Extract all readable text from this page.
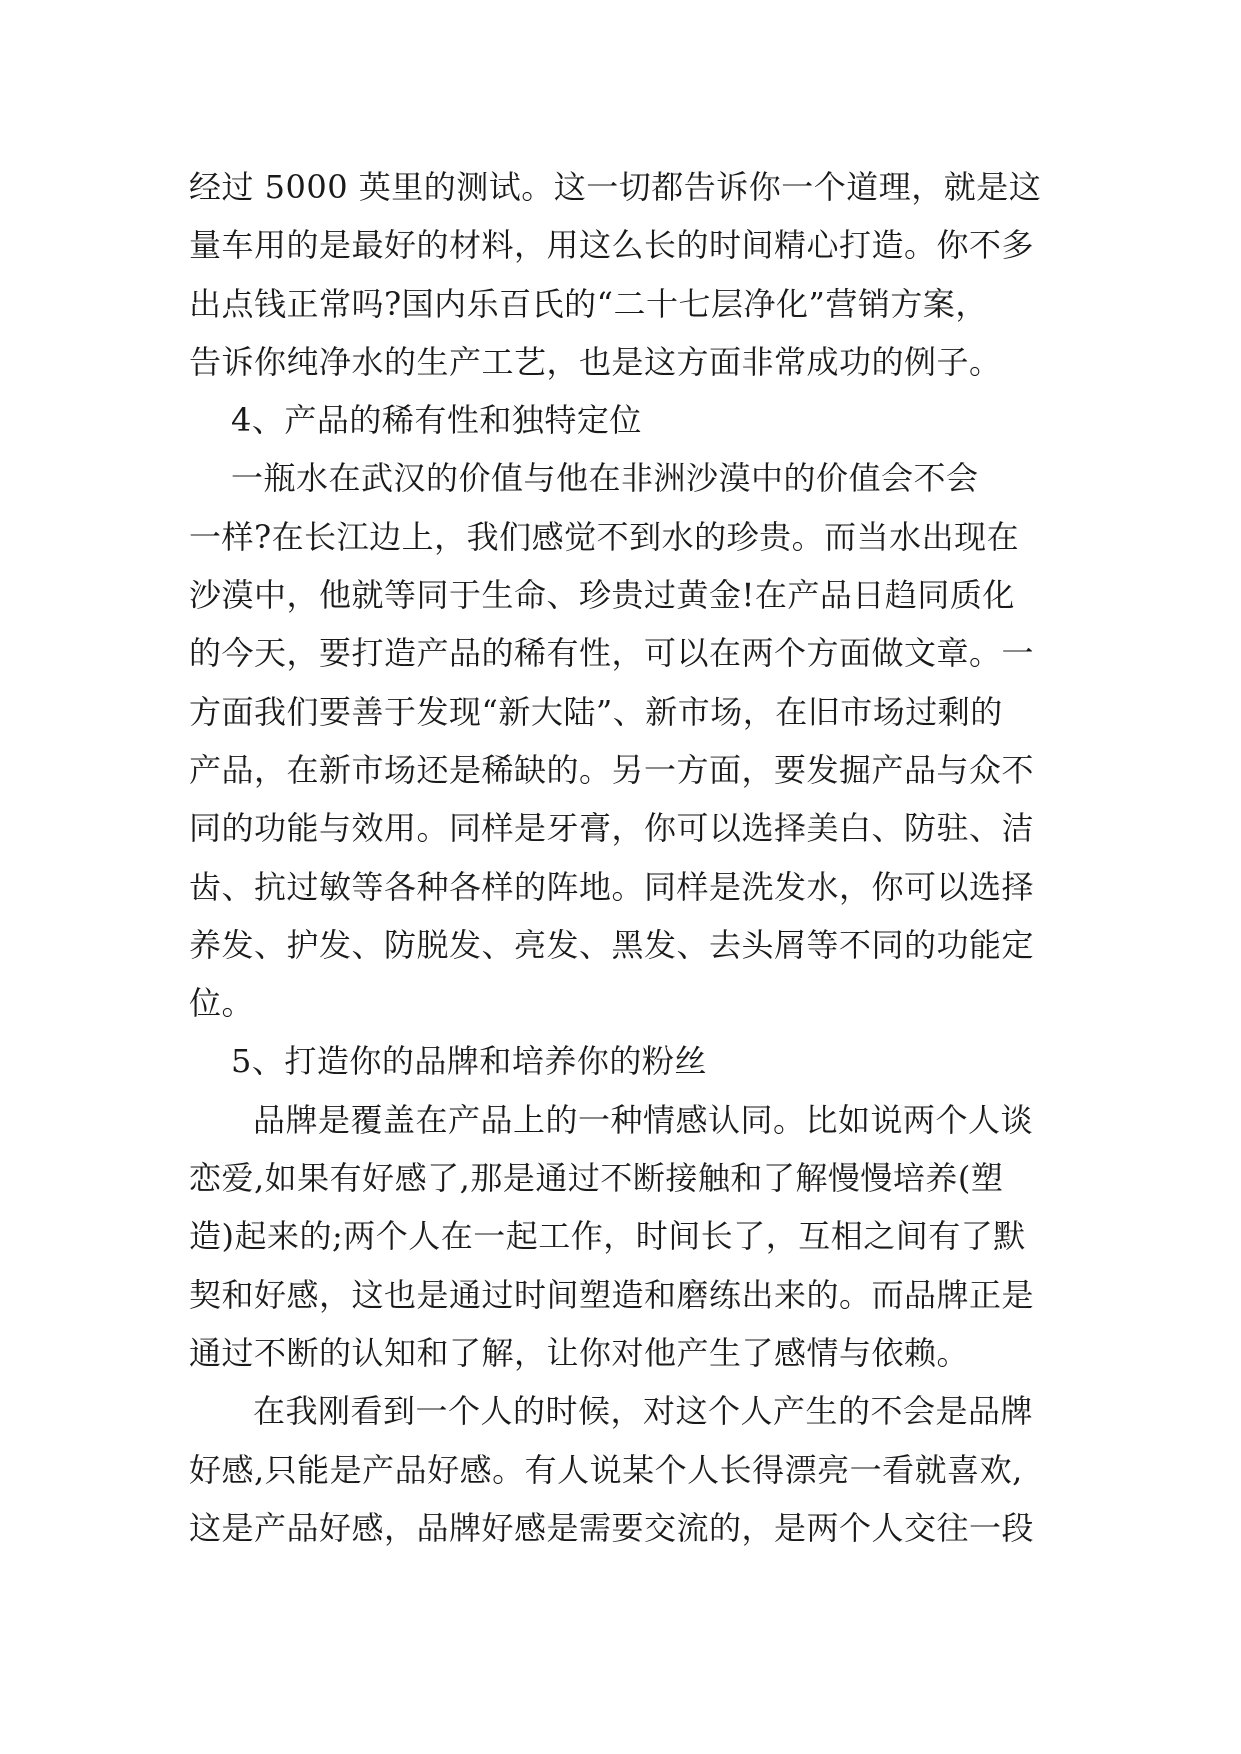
经过 5000 英里的测试。这一切都告诉你一个道理，就是这
量车用的是最好的材料，用这么长的时间精心打造。你不多
出点钱正常吗?国内乐百氏的“二十七层净化”营销方案，
告诉你纯净水的生产工艺，也是这方面非常成功的例子。
4、产品的稀有性和独特定位
一瓶水在武汉的价值与他在非洲沙漠中的价值会不会
一样?在长江边上，我们感觉不到水的珍贵。而当水出现在
沙漠中，他就等同于生命、珍贵过黄金!在产品日趋同质化
的今天，要打造产品的稀有性，可以在两个方面做文章。一
方面我们要善于发现“新大陆”、新市场，在旧市场过剩的
产品，在新市场还是稀缺的。另一方面，要发掘产品与众不
同的功能与效用。同样是牙膏，你可以选择美白、防驻、洁
齿、抗过敏等各种各样的阵地。同样是洗发水，你可以选择
养发、护发、防脱发、亮发、黑发、去头屑等不同的功能定
位。
5、打造你的品牌和培养你的粉丝
品牌是覆盖在产品上的一种情感认同。比如说两个人谈
恋爱,如果有好感了,那是通过不断接触和了解慢慢培养(塑
造)起来的;两个人在一起工作，时间长了，互相之间有了默
契和好感，这也是通过时间塑造和磨练出来的。而品牌正是
通过不断的认知和了解，让你对他产生了感情与依赖。
在我刚看到一个人的时候，对这个人产生的不会是品牌
好感,只能是产品好感。有人说某个人长得漂亮一看就喜欢,
这是产品好感，品牌好感是需要交流的，是两个人交往一段
